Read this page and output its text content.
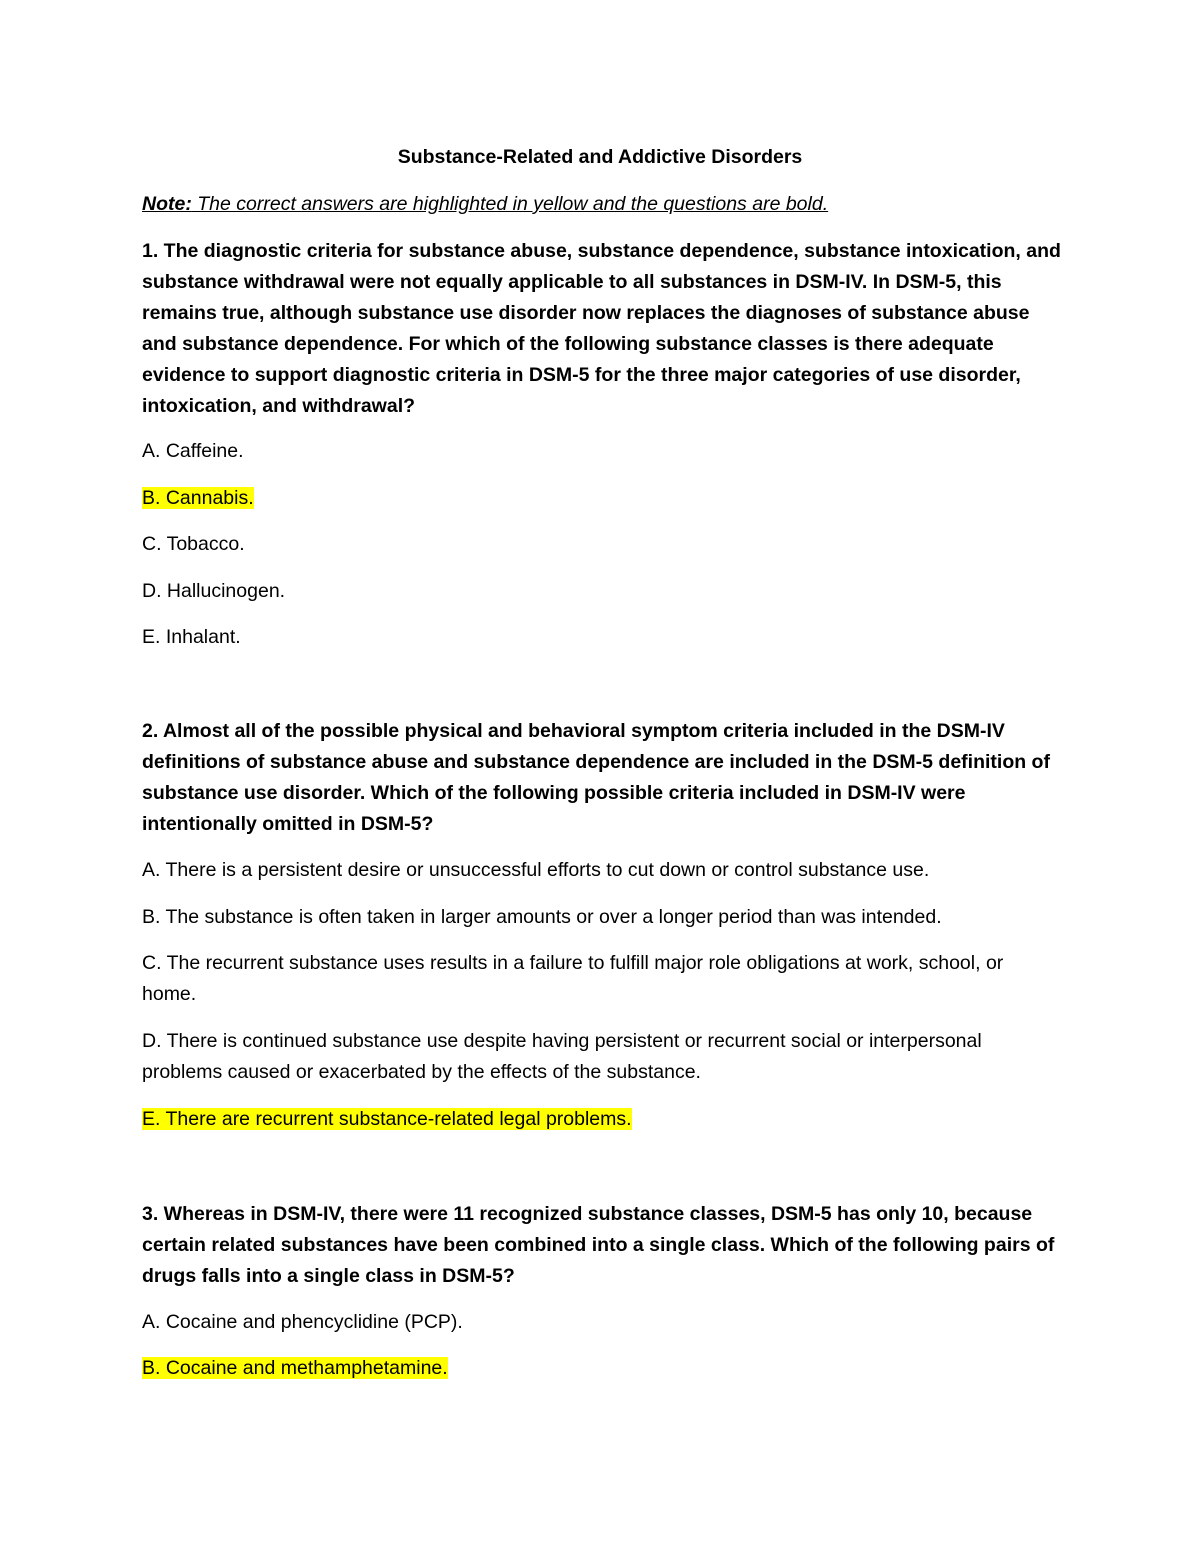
Substance-Related and Addictive Disorders

Note: The correct answers are highlighted in yellow and the questions are bold.

1. The diagnostic criteria for substance abuse, substance dependence, substance intoxication, and substance withdrawal were not equally applicable to all substances in DSM-IV. In DSM-5, this remains true, although substance use disorder now replaces the diagnoses of substance abuse and substance dependence. For which of the following substance classes is there adequate evidence to support diagnostic criteria in DSM-5 for the three major categories of use disorder, intoxication, and withdrawal?

A. Caffeine.

B. Cannabis.

C. Tobacco.

D. Hallucinogen.

E. Inhalant.

2. Almost all of the possible physical and behavioral symptom criteria included in the DSM-IV definitions of substance abuse and substance dependence are included in the DSM-5 definition of substance use disorder. Which of the following possible criteria included in DSM-IV were intentionally omitted in DSM-5?

A. There is a persistent desire or unsuccessful efforts to cut down or control substance use.

B. The substance is often taken in larger amounts or over a longer period than was intended.

C. The recurrent substance uses results in a failure to fulfill major role obligations at work, school, or home.

D. There is continued substance use despite having persistent or recurrent social or interpersonal problems caused or exacerbated by the effects of the substance.

E. There are recurrent substance-related legal problems.

3. Whereas in DSM-IV, there were 11 recognized substance classes, DSM-5 has only 10, because certain related substances have been combined into a single class. Which of the following pairs of drugs falls into a single class in DSM-5?

A. Cocaine and phencyclidine (PCP).

B. Cocaine and methamphetamine.
